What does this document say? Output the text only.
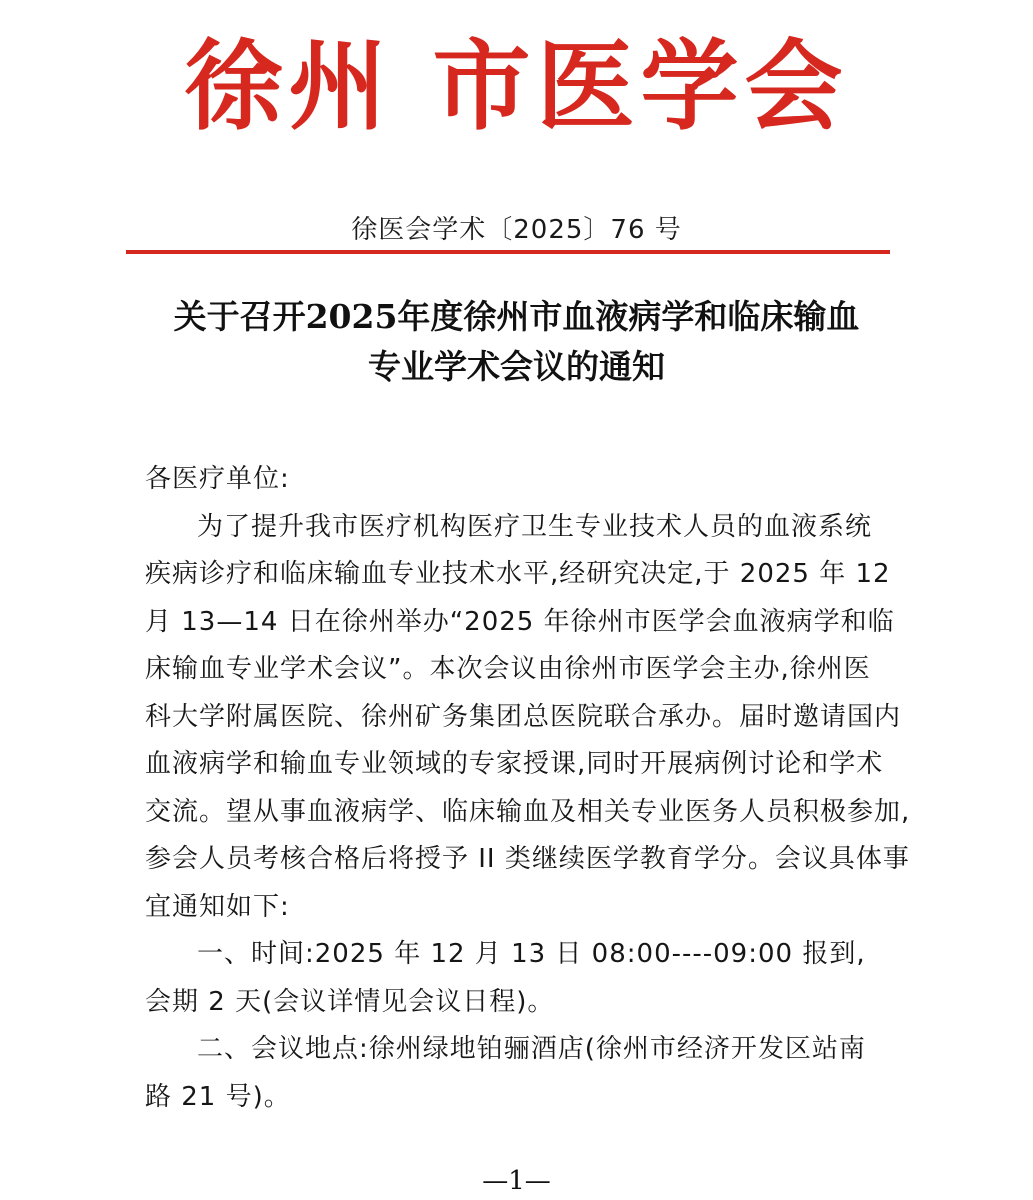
徐州 市医学会
徐医会学术〔2025〕76 号
关于召开2025年度徐州市血液病学和临床输血
专业学术会议的通知
各医疗单位:
为了提升我市医疗机构医疗卫生专业技术人员的血液系统
疾病诊疗和临床输血专业技术水平,经研究决定,于 2025 年 12
月 13—14 日在徐州举办“2025 年徐州市医学会血液病学和临
床输血专业学术会议”。本次会议由徐州市医学会主办,徐州医
科大学附属医院、徐州矿务集团总医院联合承办。届时邀请国内
血液病学和输血专业领域的专家授课,同时开展病例讨论和学术
交流。望从事血液病学、临床输血及相关专业医务人员积极参加,
参会人员考核合格后将授予 II 类继续医学教育学分。会议具体事
宜通知如下:
一、时间:2025 年 12 月 13 日 08:00----09:00 报到,
会期 2 天(会议详情见会议日程)。
二、会议地点:徐州绿地铂骊酒店(徐州市经济开发区站南
路 21 号)。
—1—
